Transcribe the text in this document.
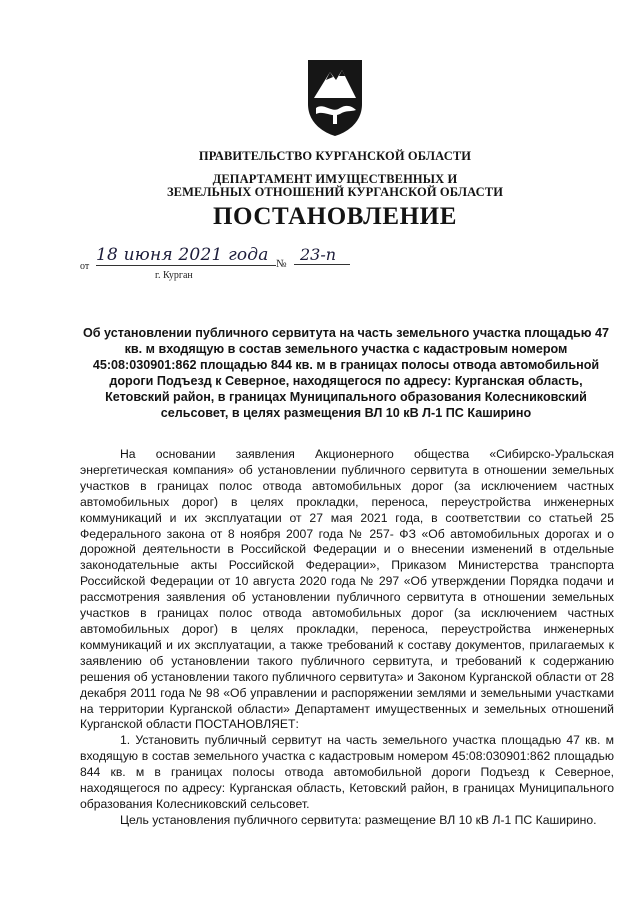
ПРАВИТЕЛЬСТВО КУРГАНСКОЙ ОБЛАСТИ
ДЕПАРТАМЕНТ ИМУЩЕСТВЕННЫХ И
ЗЕМЕЛЬНЫХ ОТНОШЕНИЙ КУРГАНСКОЙ ОБЛАСТИ
ПОСТАНОВЛЕНИЕ
от
18 июня 2021 года № 23-п
г. Курган
Об установлении публичного сервитута на часть земельного участка площадью 47 кв. м входящую в состав земельного участка с кадастровым номером 45:08:030901:862 площадью 844 кв. м в границах полосы отвода автомобильной дороги Подъезд к Северное, находящегося по адресу: Курганская область, Кетовский район, в границах Муниципального образования Колесниковский сельсовет, в целях размещения ВЛ 10 кВ Л-1 ПС Каширино

На основании заявления Акционерного общества «Сибирско-Уральская энергетическая компания» об установлении публичного сервитута в отношении земельных участков в границах полос отвода автомобильных дорог (за исключением частных автомобильных дорог) в целях прокладки, переноса, переустройства инженерных коммуникаций и их эксплуатации от 27 мая 2021 года, в соответствии со статьей 25 Федерального закона от 8 ноября 2007 года № 257- ФЗ «Об автомобильных дорогах и о дорожной деятельности в Российской Федерации и о внесении изменений в отдельные законодательные акты Российской Федерации», Приказом Министерства транспорта Российской Федерации от 10 августа 2020 года № 297 «Об утверждении Порядка подачи и рассмотрения заявления об установлении публичного сервитута в отношении земельных участков в границах полос отвода автомобильных дорог (за исключением частных автомобильных дорог) в целях прокладки, переноса, переустройства инженерных коммуникаций и их эксплуатации, а также требований к составу документов, прилагаемых к заявлению об установлении такого публичного сервитута, и требований к содержанию решения об установлении такого публичного сервитута» и Законом Курганской области от 28 декабря 2011 года № 98 «Об управлении и распоряжении землями и земельными участками на территории Курганской области» Департамент имущественных и земельных отношений Курганской области ПОСТАНОВЛЯЕТ:

1. Установить публичный сервитут на часть земельного участка площадью 47 кв. м входящую в состав земельного участка с кадастровым номером 45:08:030901:862 площадью 844 кв. м в границах полосы отвода автомобильной дороги Подъезд к Северное, находящегося по адресу: Курганская область, Кетовский район, в границах Муниципального образования Колесниковский сельсовет.

Цель установления публичного сервитута: размещение ВЛ 10 кВ Л-1 ПС Каширино.
